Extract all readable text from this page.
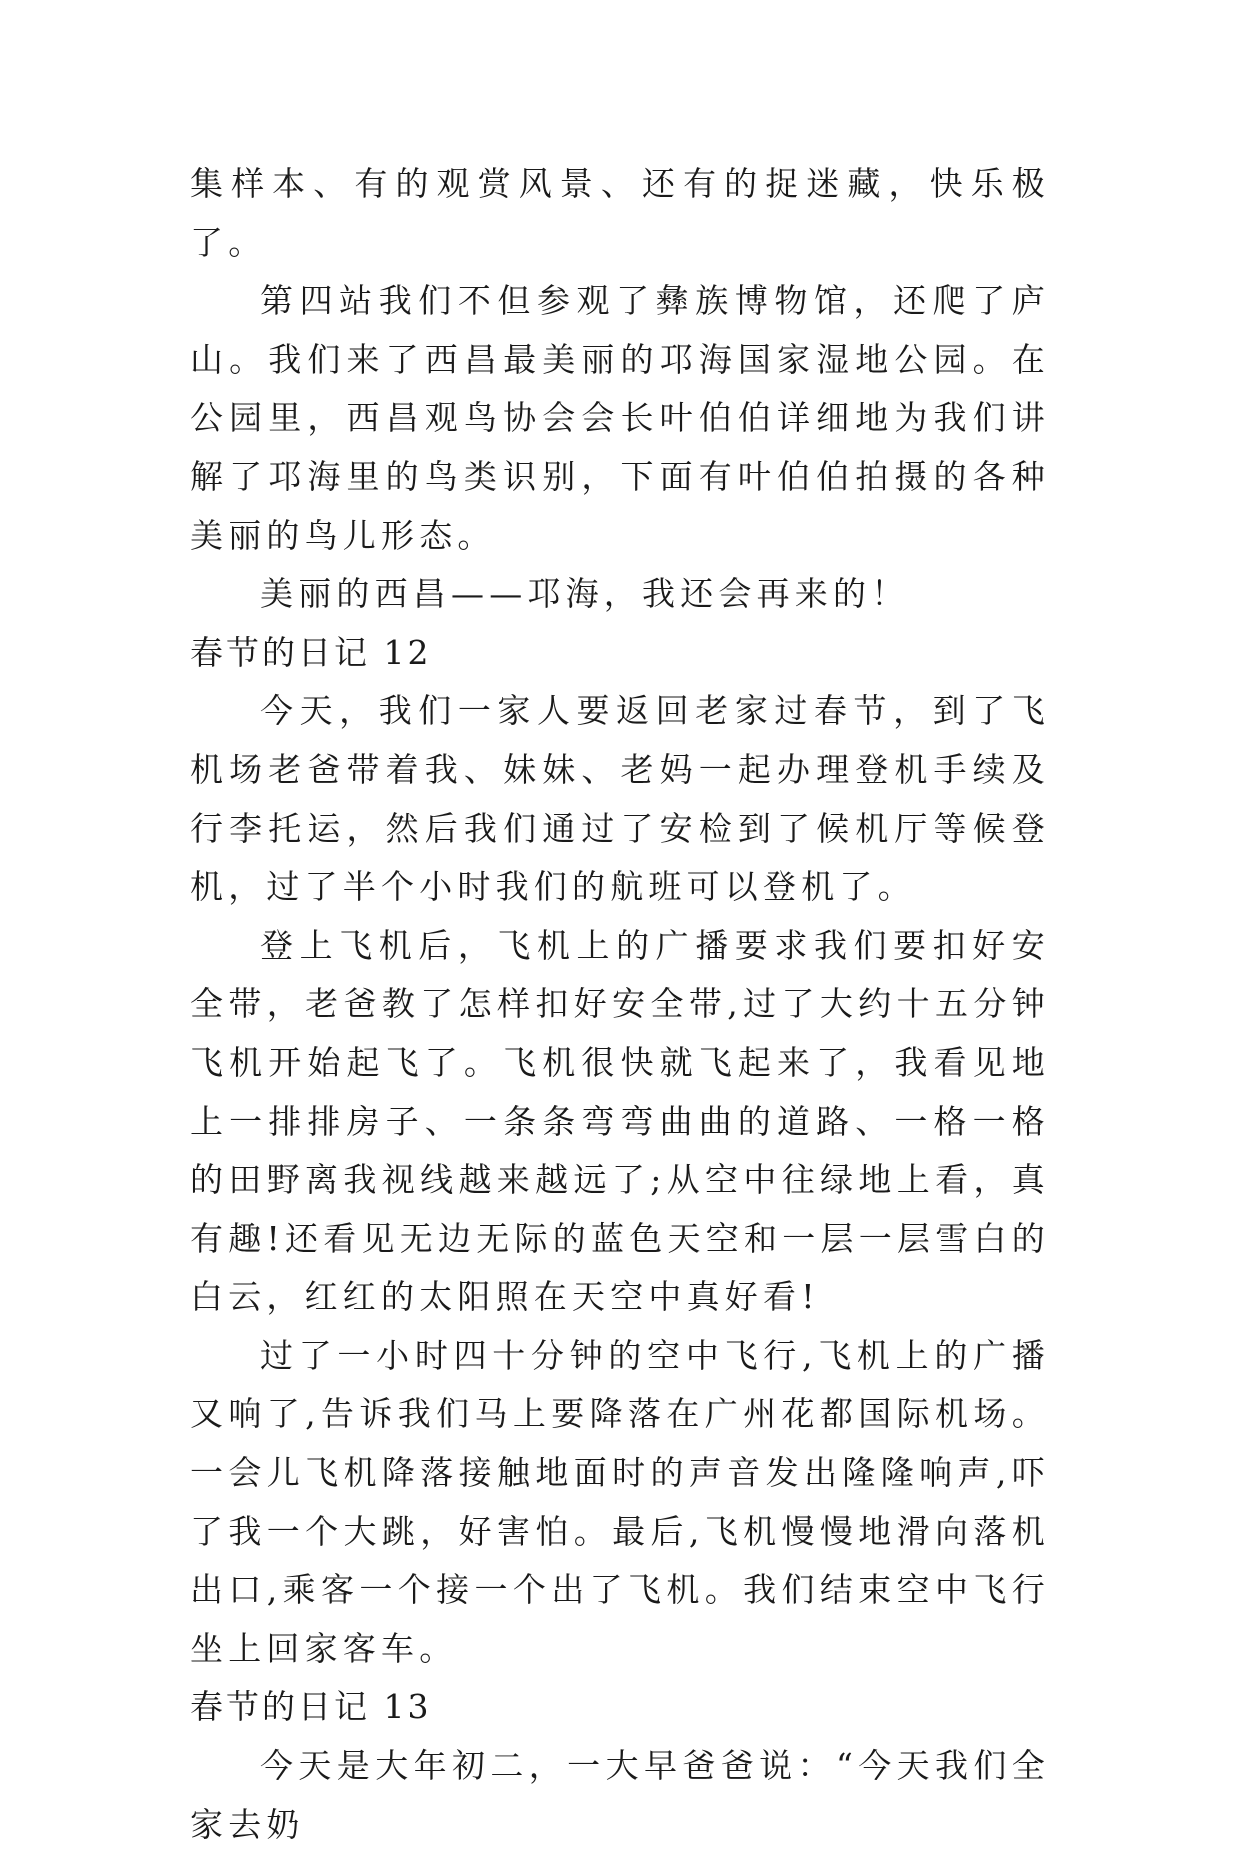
集样本、有的观赏风景、还有的捉迷藏，快乐极了。

第四站我们不但参观了彝族博物馆，还爬了庐山。我们来了西昌最美丽的邛海国家湿地公园。在公园里，西昌观鸟协会会长叶伯伯详细地为我们讲解了邛海里的鸟类识别，下面有叶伯伯拍摄的各种美丽的鸟儿形态。

美丽的西昌——邛海，我还会再来的！

春节的日记 12

今天，我们一家人要返回老家过春节，到了飞机场老爸带着我、妹妹、老妈一起办理登机手续及行李托运，然后我们通过了安检到了候机厅等候登机，过了半个小时我们的航班可以登机了。

登上飞机后，飞机上的广播要求我们要扣好安全带，老爸教了怎样扣好安全带,过了大约十五分钟飞机开始起飞了。飞机很快就飞起来了，我看见地上一排排房子、一条条弯弯曲曲的道路、一格一格的田野离我视线越来越远了;从空中往绿地上看，真有趣!还看见无边无际的蓝色天空和一层一层雪白的白云，红红的太阳照在天空中真好看!

过了一小时四十分钟的空中飞行,飞机上的广播又响了,告诉我们马上要降落在广州花都国际机场。一会儿飞机降落接触地面时的声音发出隆隆响声,吓了我一个大跳，好害怕。最后,飞机慢慢地滑向落机出口,乘客一个接一个出了飞机。我们结束空中飞行坐上回家客车。

春节的日记 13

今天是大年初二，一大早爸爸说：“今天我们全家去奶
